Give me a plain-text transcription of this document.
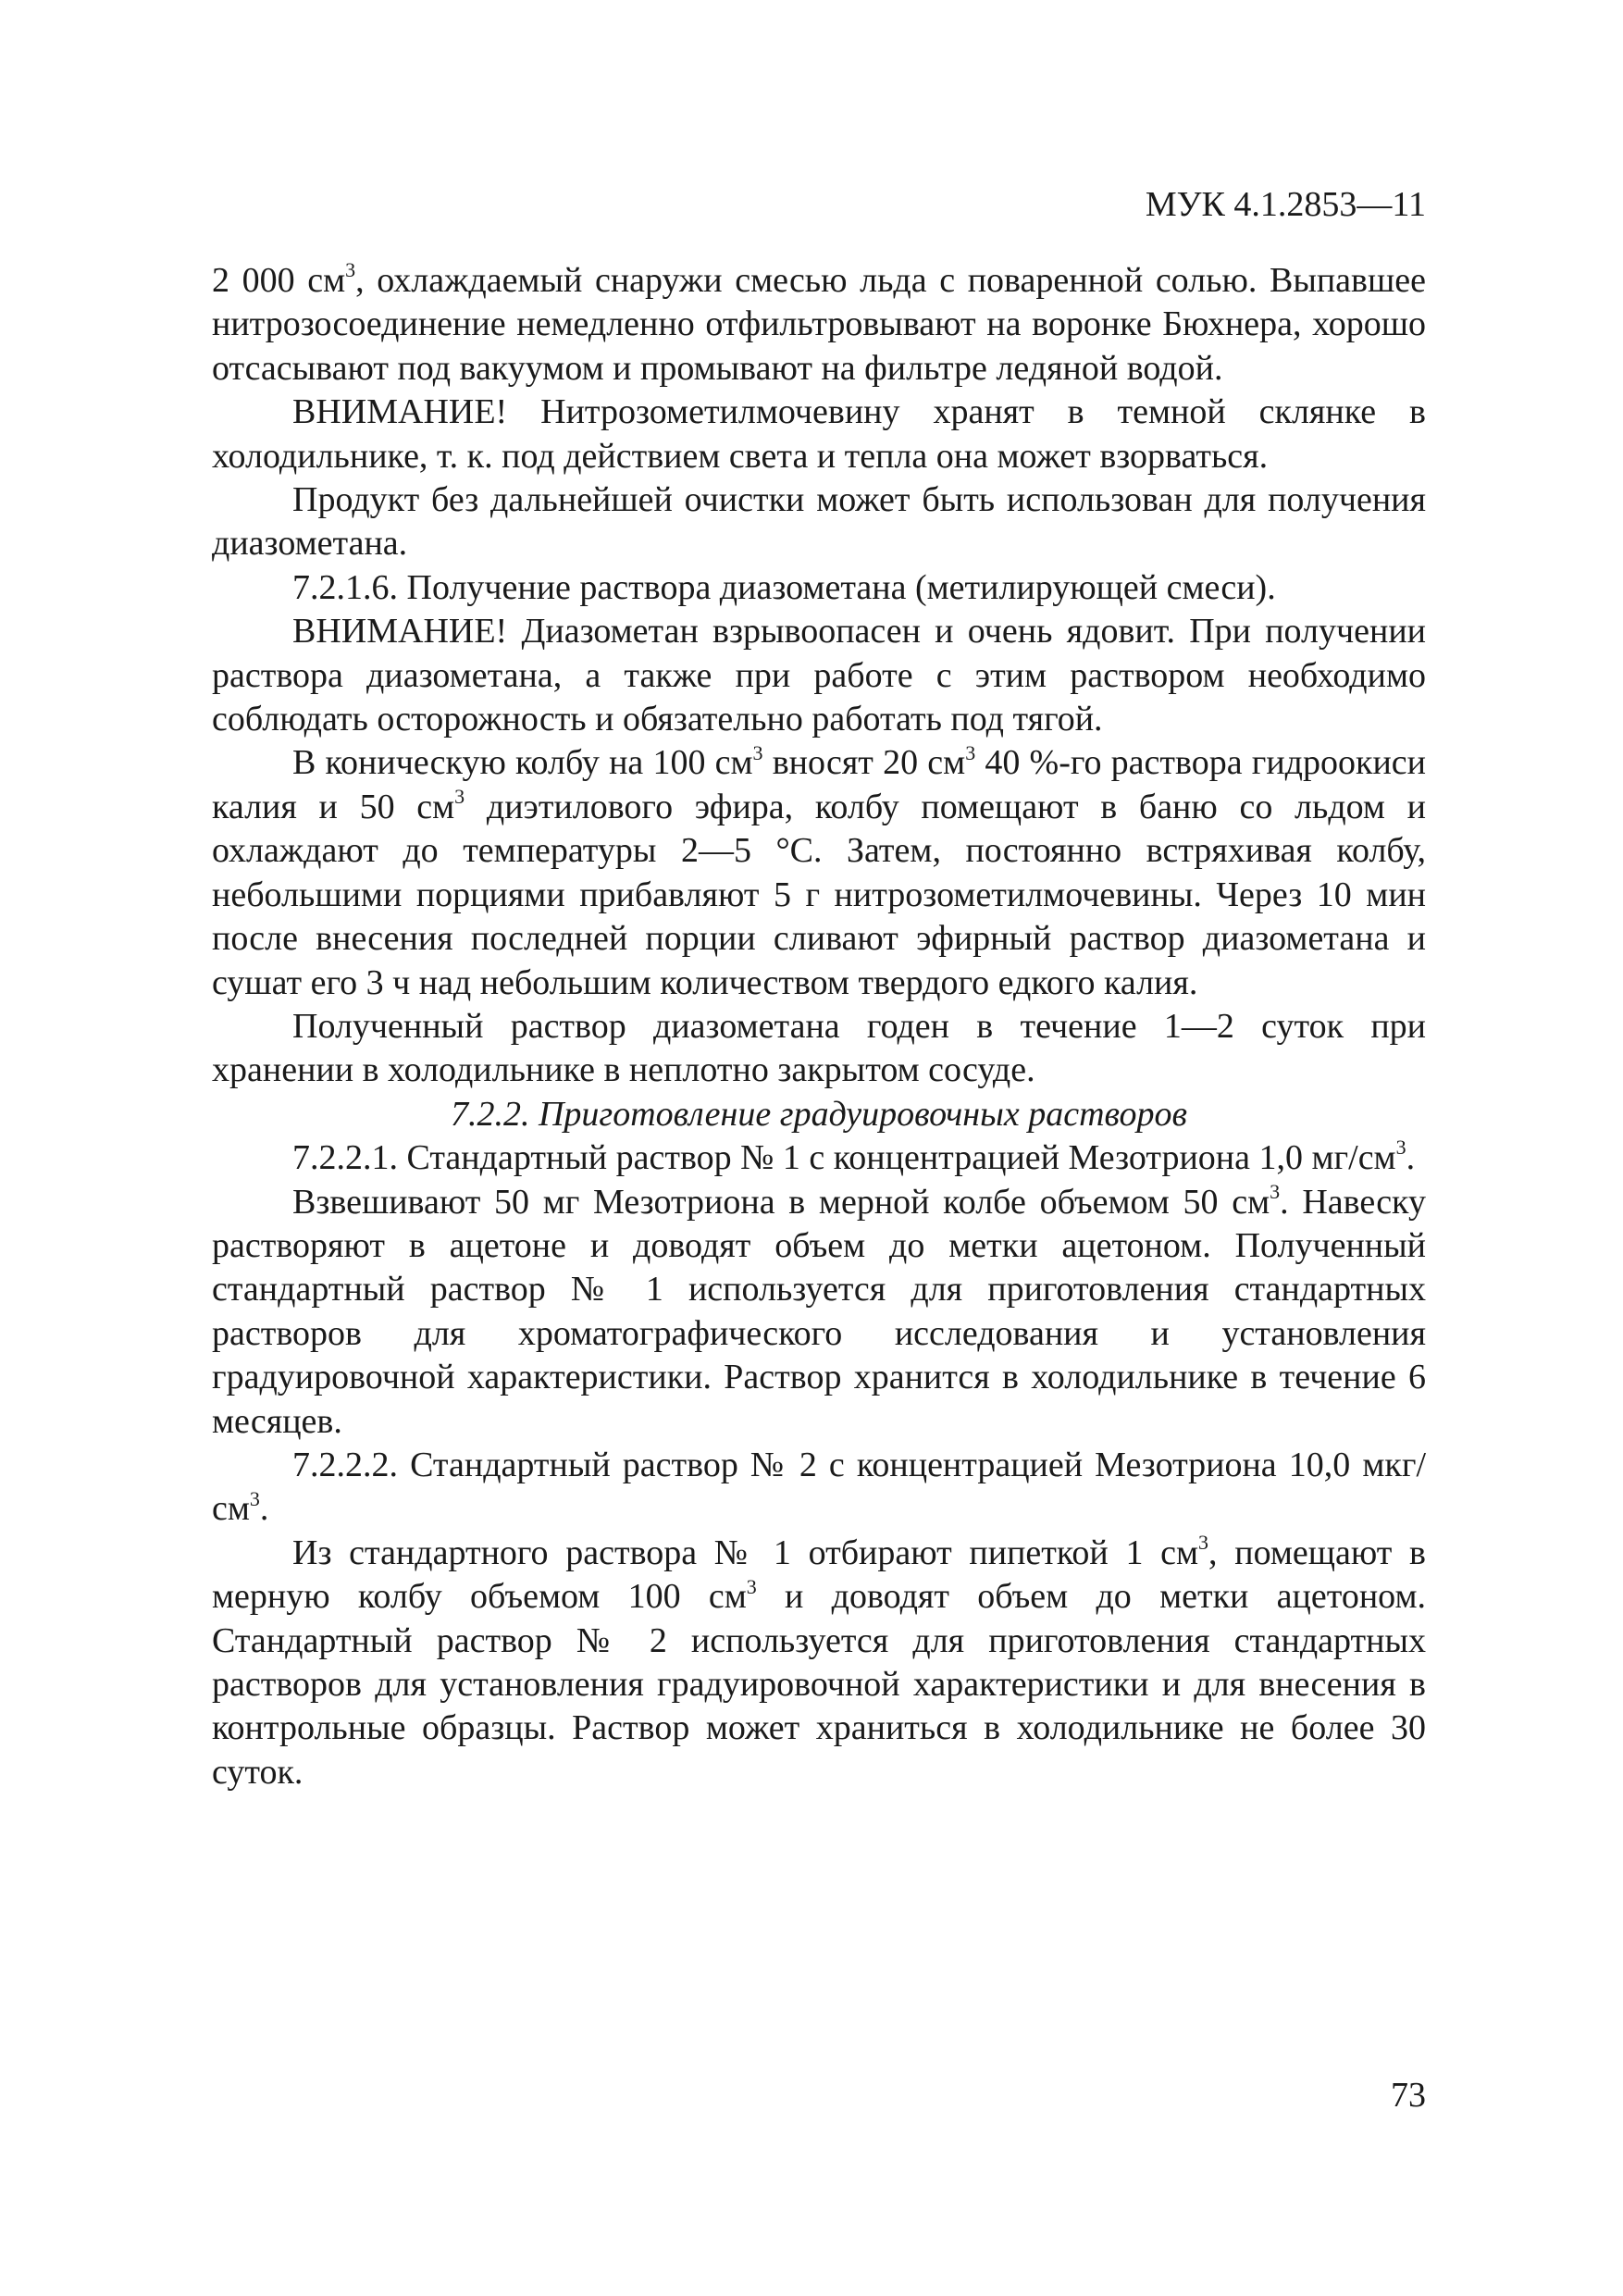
МУК 4.1.2853—11

2 000 $см^3$, охлаждаемый снаружи смесью льда с поваренной солью. Выпавшее нитрозосоединение немедленно отфильтровывают на воронке Бюхнера, хорошо отсасывают под вакуумом и промывают на фильтре ледяной водой.

ВНИМАНИЕ! Нитрозометилмочевину хранят в темной склянке в холодильнике, т. к. под действием света и тепла она может взорваться.

Продукт без дальнейшей очистки может быть использован для получения диазометана.

7.2.1.6. Получение раствора диазометана (метилирующей смеси).

ВНИМАНИЕ! Диазометан взрывоопасен и очень ядовит. При получении раствора диазометана, а также при работе с этим раствором необходимо соблюдать осторожность и обязательно работать под тягой.

В коническую колбу на 100 $см^3$ вносят 20 $см^3$ 40 %-го раствора гидроокиси калия и 50 $см^3$ диэтилового эфира, колбу помещают в баню со льдом и охлаждают до температуры 2—5 °С. Затем, постоянно встряхивая колбу, небольшими порциями прибавляют 5 г нитрозометилмочевины. Через 10 мин после внесения последней порции сливают эфирный раствор диазометана и сушат его 3 ч над небольшим количеством твердого едкого калия.

Полученный раствор диазометана годен в течение 1—2 суток при хранении в холодильнике в неплотно закрытом сосуде.

7.2.2. Приготовление градуировочных растворов

7.2.2.1. Стандартный раствор № 1 с концентрацией Мезотриона 1,0 $мг/см^3$.

Взвешивают 50 мг Мезотриона в мерной колбе объемом 50 $см^3$. Навеску растворяют в ацетоне и доводят объем до метки ацетоном. Полученный стандартный раствор № 1 используется для приготовления стандартных растворов для хроматографического исследования и установления градуировочной характеристики. Раствор хранится в холодильнике в течение 6 месяцев.

7.2.2.2. Стандартный раствор № 2 с концентрацией Мезотриона 10,0 мкг/$см^3$.

Из стандартного раствора № 1 отбирают пипеткой 1 $см^3$, помещают в мерную колбу объемом 100 $см^3$ и доводят объем до метки ацетоном. Стандартный раствор № 2 используется для приготовления стандартных растворов для установления градуировочной характеристики и для внесения в контрольные образцы. Раствор может храниться в холодильнике не более 30 суток.

73
